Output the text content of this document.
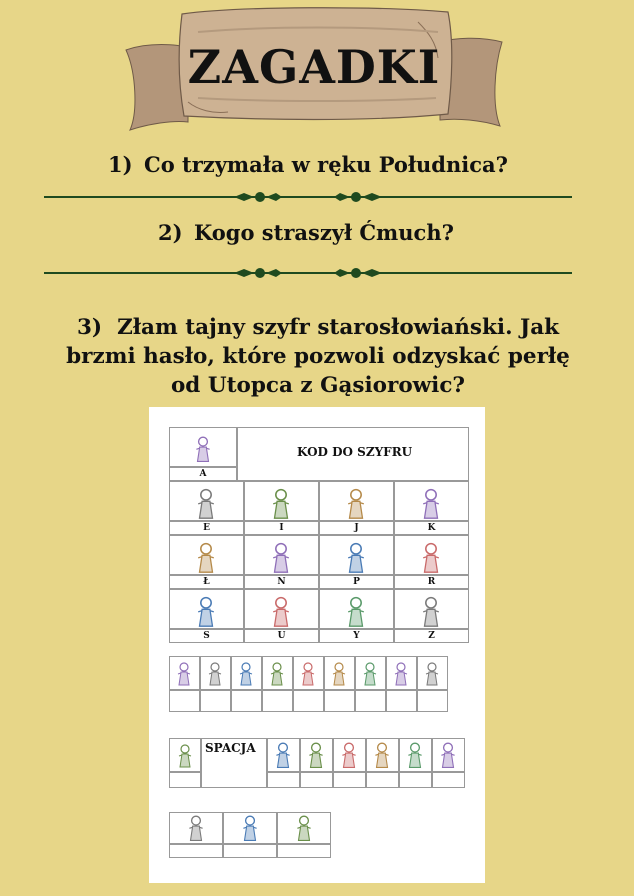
ZAGADKI
1) Co trzymała w ręku Południca?
2) Kogo straszył Ćmuch?
3) Złam tajny szyfr starosłowiański. Jak brzmi hasło, które pozwoli odzyskać perłę od Utopca z Gąsiorowic?
A
E	I	J	K
Ł	N	P	R
S	U	Y	Z
KOD DO SZYFRU
SPACJA
